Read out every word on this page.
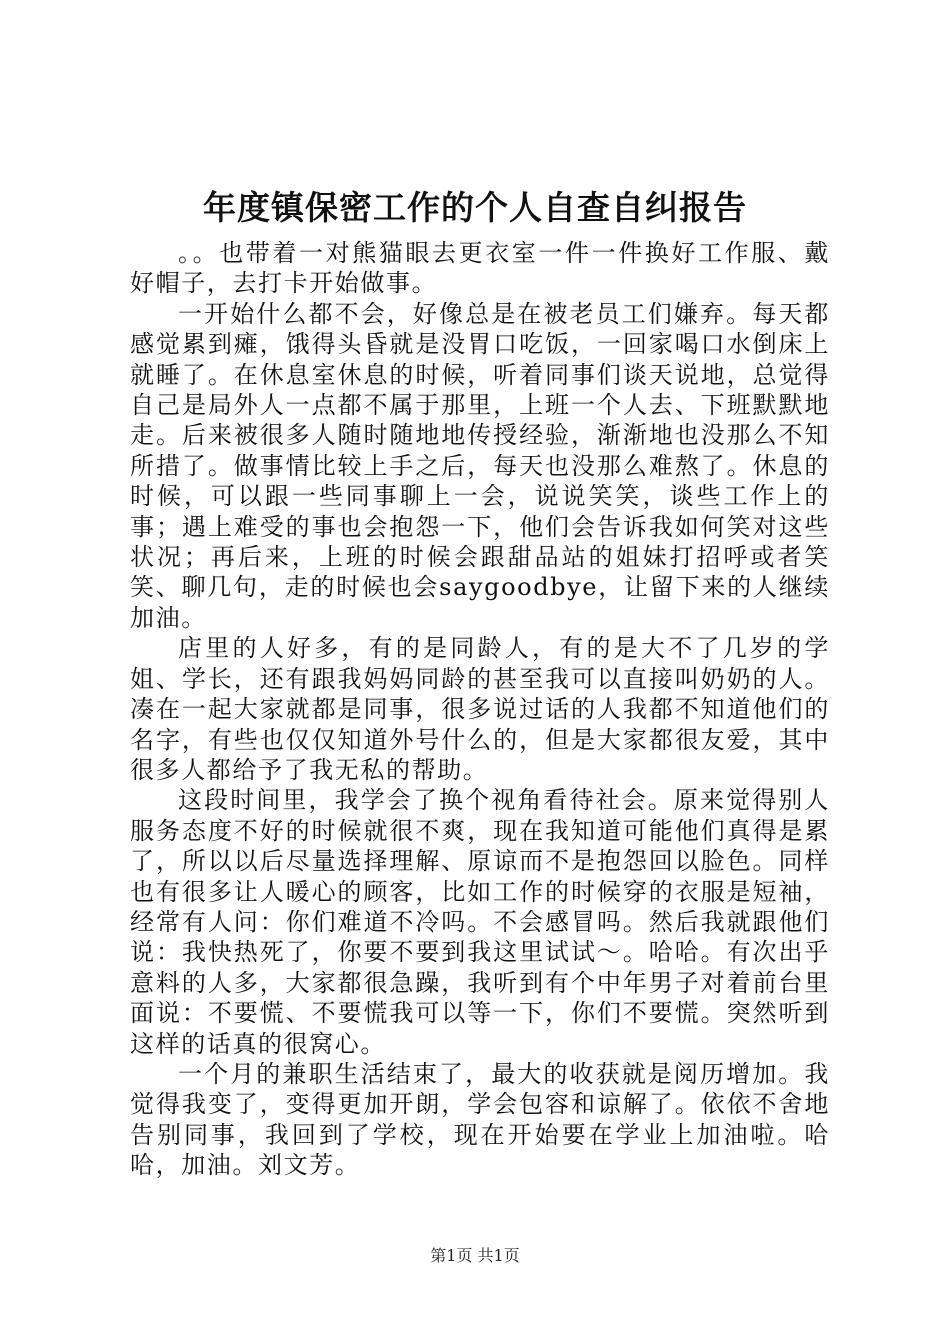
年度镇保密工作的个人自查自纠报告

。。也带着一对熊猫眼去更衣室一件一件换好工作服、戴好帽子，去打卡开始做事。

一开始什么都不会，好像总是在被老员工们嫌弃。每天都感觉累到瘫，饿得头昏就是没胃口吃饭，一回家喝口水倒床上就睡了。在休息室休息的时候，听着同事们谈天说地，总觉得自己是局外人一点都不属于那里，上班一个人去、下班默默地走。后来被很多人随时随地地传授经验，渐渐地也没那么不知所措了。做事情比较上手之后，每天也没那么难熬了。休息的时候，可以跟一些同事聊上一会，说说笑笑，谈些工作上的事；遇上难受的事也会抱怨一下，他们会告诉我如何笑对这些状况；再后来，上班的时候会跟甜品站的姐妹打招呼或者笑笑、聊几句，走的时候也会saygoodbye，让留下来的人继续加油。

店里的人好多，有的是同龄人，有的是大不了几岁的学姐、学长，还有跟我妈妈同龄的甚至我可以直接叫奶奶的人。凑在一起大家就都是同事，很多说过话的人我都不知道他们的名字，有些也仅仅知道外号什么的，但是大家都很友爱，其中很多人都给予了我无私的帮助。

这段时间里，我学会了换个视角看待社会。原来觉得别人服务态度不好的时候就很不爽，现在我知道可能他们真得是累了，所以以后尽量选择理解、原谅而不是抱怨回以脸色。同样也有很多让人暖心的顾客，比如工作的时候穿的衣服是短袖，经常有人问：你们难道不冷吗。不会感冒吗。然后我就跟他们说：我快热死了，你要不要到我这里试试～。哈哈。有次出乎意料的人多，大家都很急躁，我听到有个中年男子对着前台里面说：不要慌、不要慌我可以等一下，你们不要慌。突然听到这样的话真的很窝心。

一个月的兼职生活结束了，最大的收获就是阅历增加。我觉得我变了，变得更加开朗，学会包容和谅解了。依依不舍地告别同事，我回到了学校，现在开始要在学业上加油啦。哈哈，加油。刘文芳。

第1页 共1页
